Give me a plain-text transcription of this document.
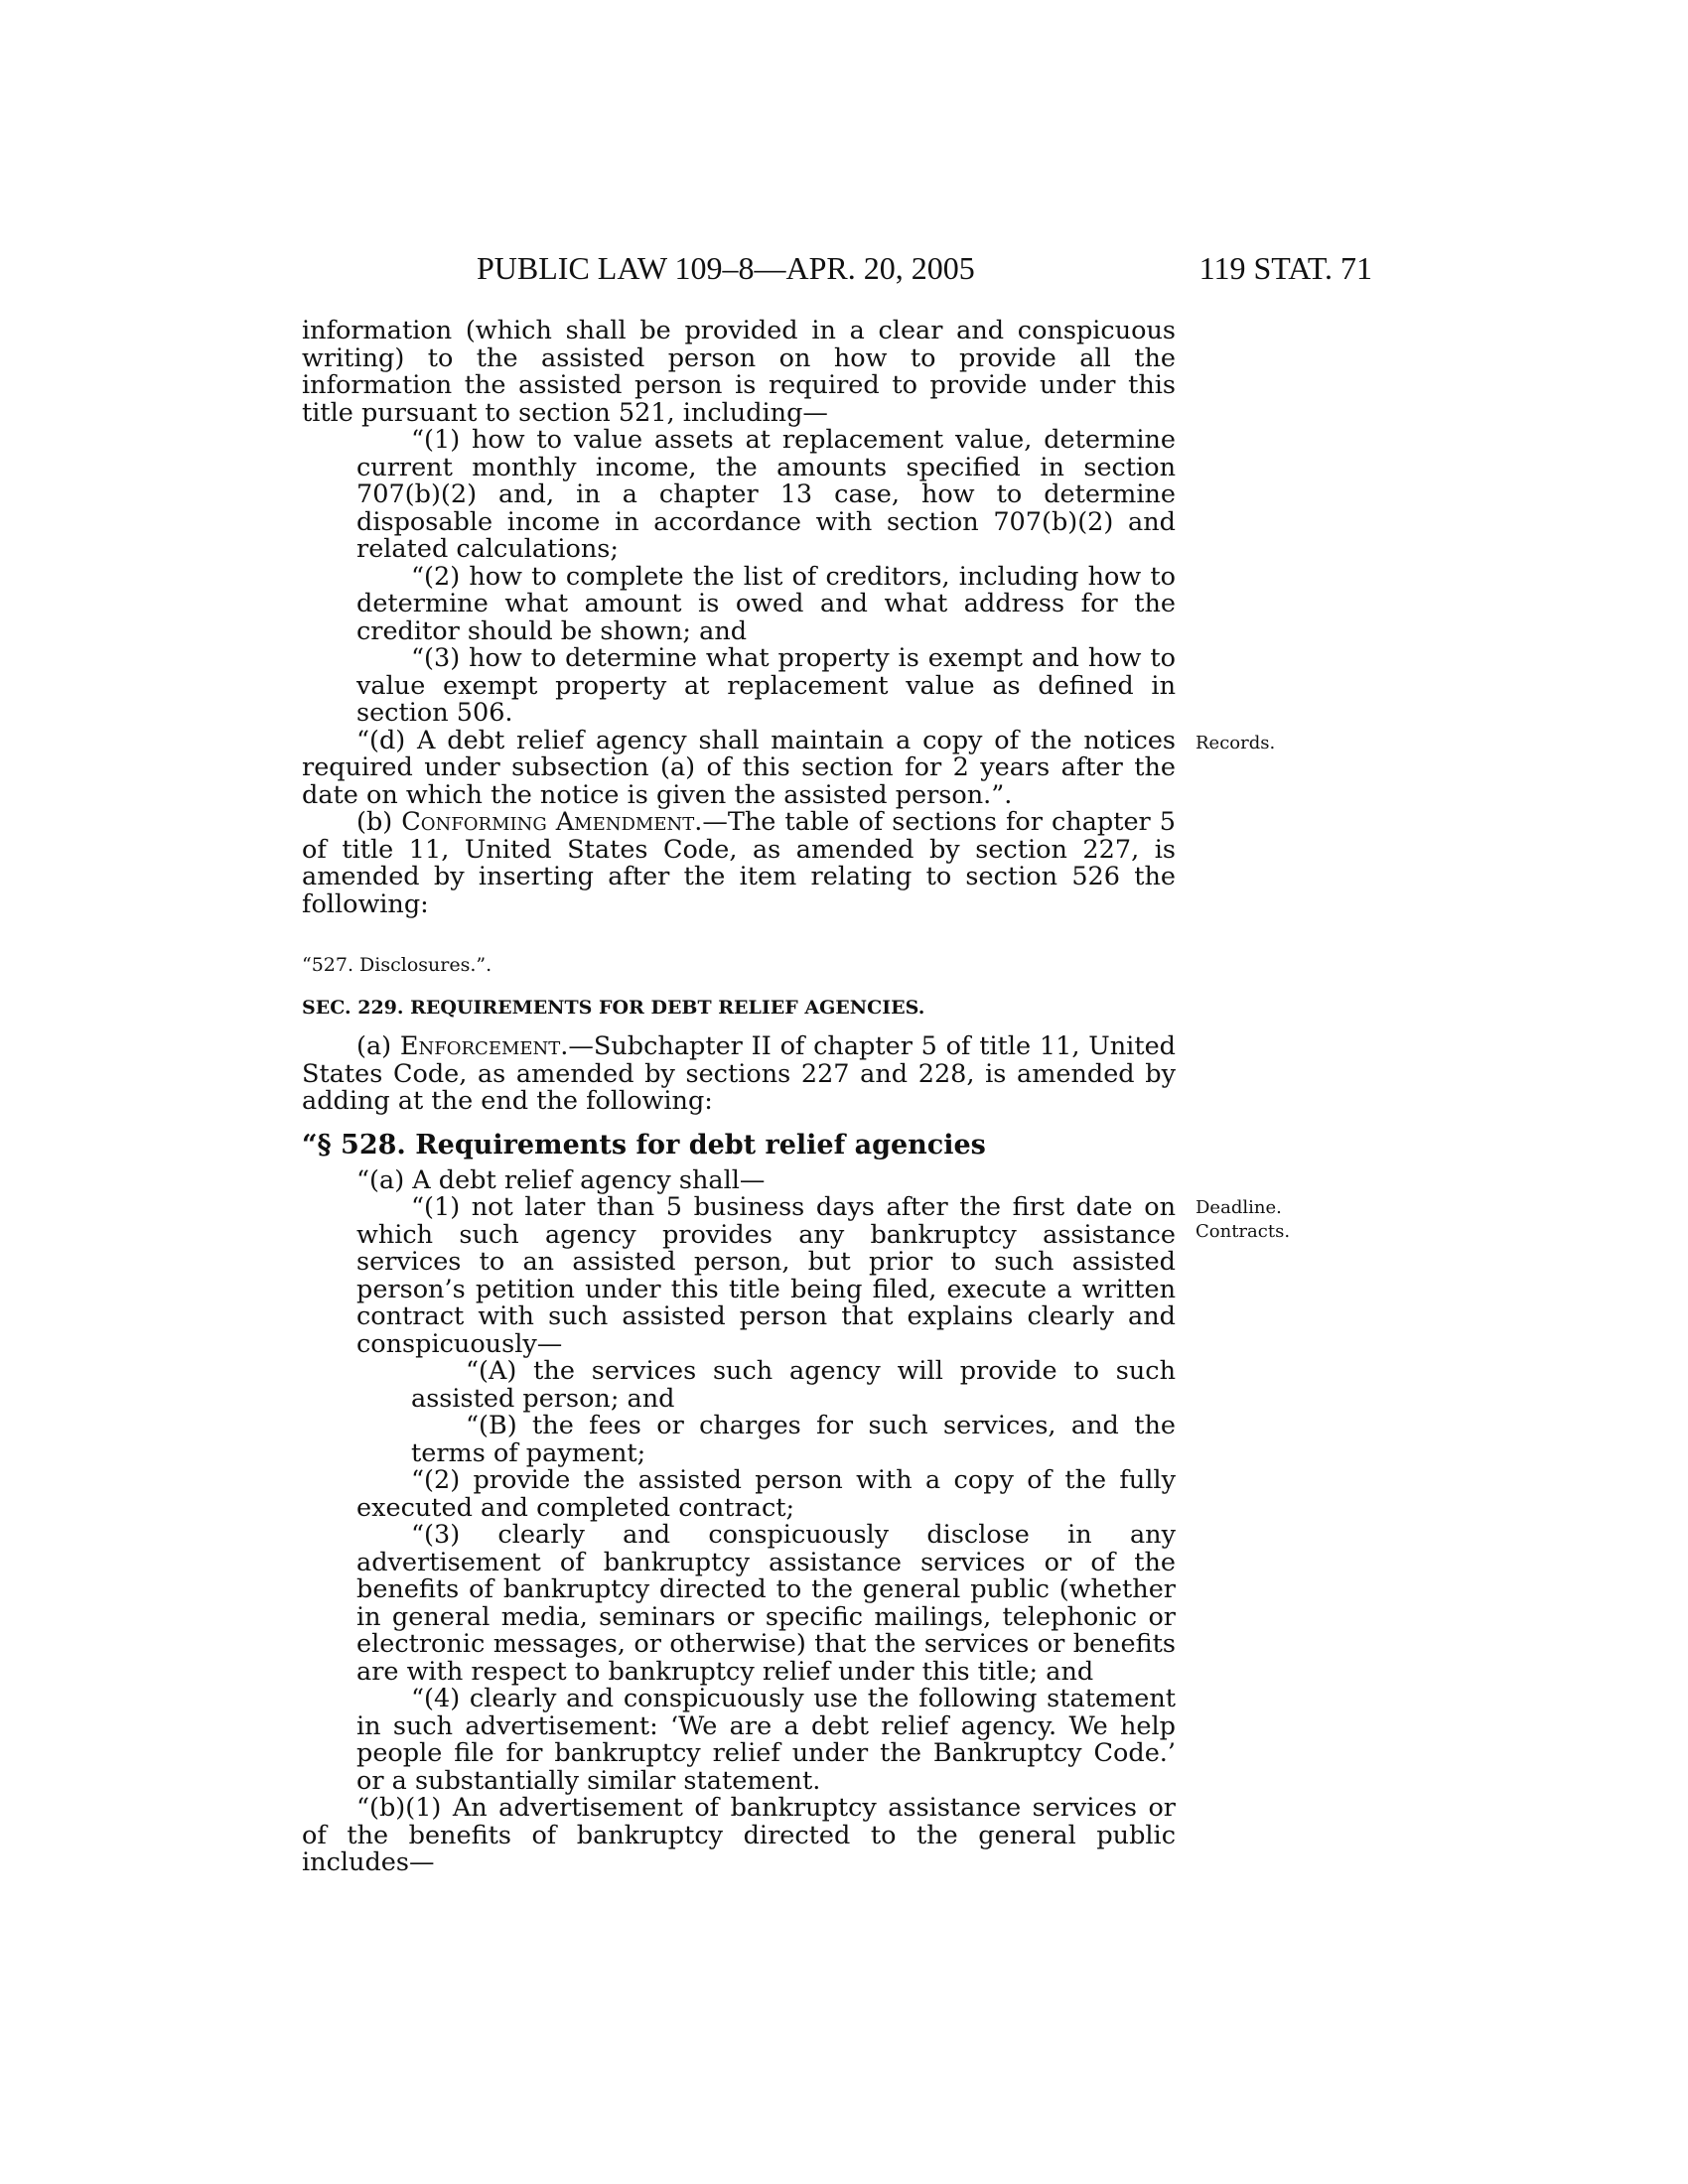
PUBLIC LAW 109–8—APR. 20, 2005	119 STAT. 71

information (which shall be provided in a clear and conspicuous writing) to the assisted person on how to provide all the information the assisted person is required to provide under this title pursuant to section 521, including—

“(1) how to value assets at replacement value, determine current monthly income, the amounts specified in section 707(b)(2) and, in a chapter 13 case, how to determine disposable income in accordance with section 707(b)(2) and related calculations;

“(2) how to complete the list of creditors, including how to determine what amount is owed and what address for the creditor should be shown; and

“(3) how to determine what property is exempt and how to value exempt property at replacement value as defined in section 506.

“(d) A debt relief agency shall maintain a copy of the notices required under subsection (a) of this section for 2 years after the date on which the notice is given the assisted person.”.

(b) Conforming Amendment.—The table of sections for chapter 5 of title 11, United States Code, as amended by section 227, is amended by inserting after the item relating to section 526 the following:

“527. Disclosures.”.

SEC. 229. REQUIREMENTS FOR DEBT RELIEF AGENCIES.

(a) Enforcement.—Subchapter II of chapter 5 of title 11, United States Code, as amended by sections 227 and 228, is amended by adding at the end the following:

“§ 528. Requirements for debt relief agencies

“(a) A debt relief agency shall—

“(1) not later than 5 business days after the first date on which such agency provides any bankruptcy assistance services to an assisted person, but prior to such assisted person’s petition under this title being filed, execute a written contract with such assisted person that explains clearly and conspicuously—

“(A) the services such agency will provide to such assisted person; and

“(B) the fees or charges for such services, and the terms of payment;

“(2) provide the assisted person with a copy of the fully executed and completed contract;

“(3) clearly and conspicuously disclose in any advertisement of bankruptcy assistance services or of the benefits of bankruptcy directed to the general public (whether in general media, seminars or specific mailings, telephonic or electronic messages, or otherwise) that the services or benefits are with respect to bankruptcy relief under this title; and

“(4) clearly and conspicuously use the following statement in such advertisement: ‘We are a debt relief agency. We help people file for bankruptcy relief under the Bankruptcy Code.’ or a substantially similar statement.

“(b)(1) An advertisement of bankruptcy assistance services or of the benefits of bankruptcy directed to the general public includes—

Records.
Deadline.
Contracts.
